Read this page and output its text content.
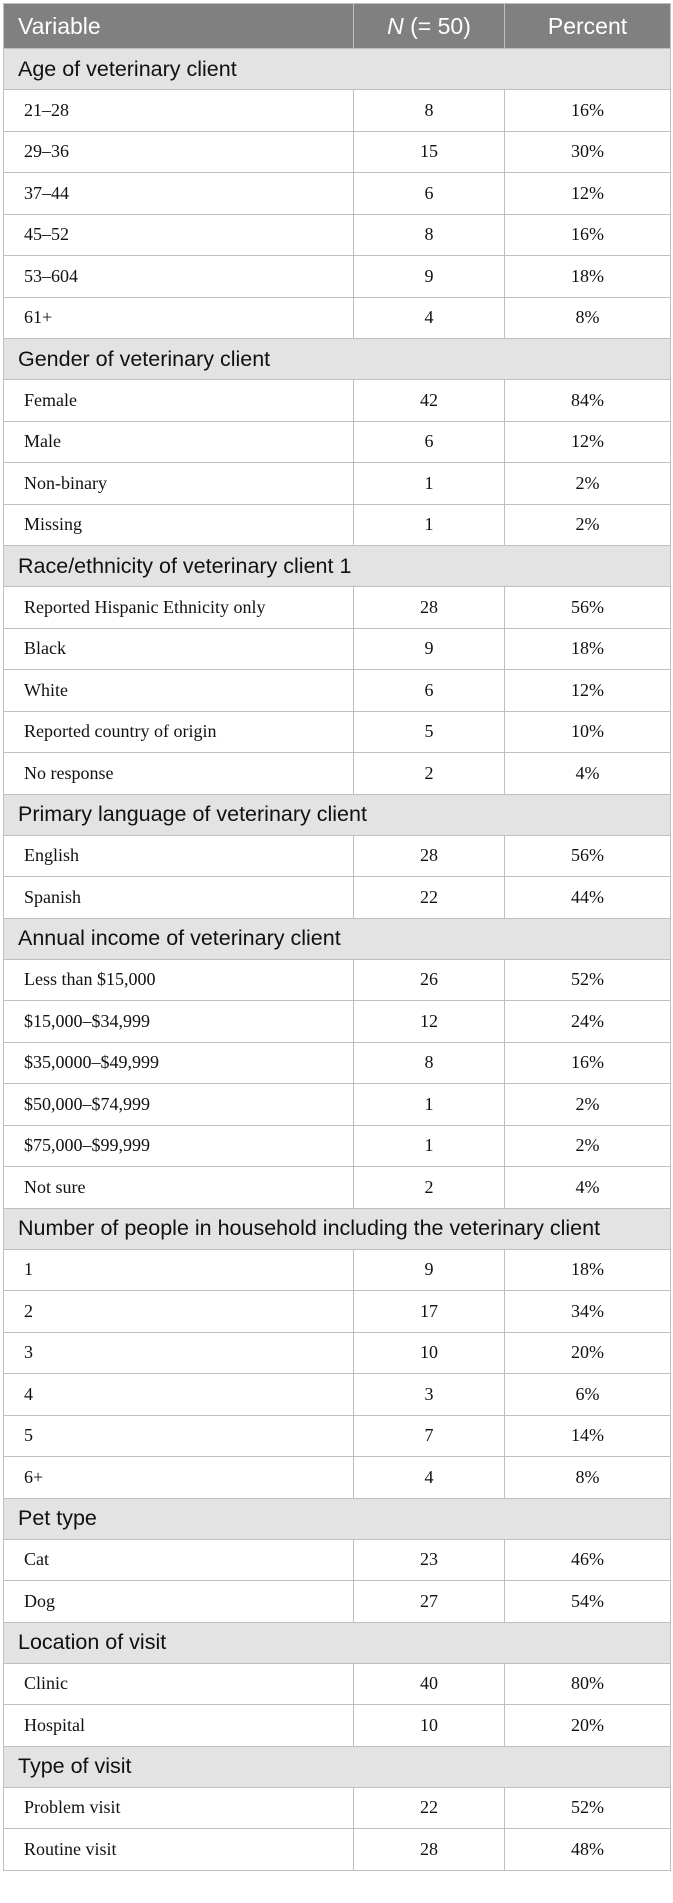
Variable	N (= 50)	Percent
Age of veterinary client		
21–28	8	16%
29–36	15	30%
37–44	6	12%
45–52	8	16%
53–604	9	18%
61+	4	8%
Gender of veterinary client		
Female	42	84%
Male	6	12%
Non-binary	1	2%
Missing	1	2%
Race/ethnicity of veterinary client 1		
Reported Hispanic Ethnicity only	28	56%
Black	9	18%
White	6	12%
Reported country of origin	5	10%
No response	2	4%
Primary language of veterinary client		
English	28	56%
Spanish	22	44%
Annual income of veterinary client		
Less than $15,000	26	52%
$15,000–$34,999	12	24%
$35,0000–$49,999	8	16%
$50,000–$74,999	1	2%
$75,000–$99,999	1	2%
Not sure	2	4%
Number of people in household including the veterinary client		
1	9	18%
2	17	34%
3	10	20%
4	3	6%
5	7	14%
6+	4	8%
Pet type		
Cat	23	46%
Dog	27	54%
Location of visit		
Clinic	40	80%
Hospital	10	20%
Type of visit		
Problem visit	22	52%
Routine visit	28	48%
